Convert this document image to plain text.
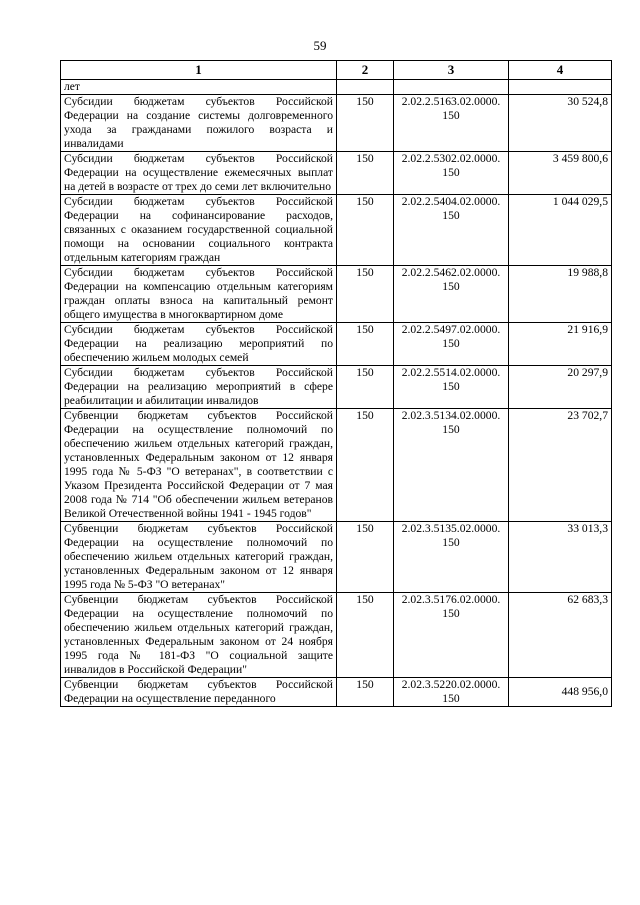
59
1	2	3	4
лет			
Субсидии бюджетам субъектов Российской Федерации на создание системы долговременного ухода за гражданами пожилого возраста и инвалидами	150	2.02.2.5163.02.0000. 150	30 524,8
Субсидии бюджетам субъектов Российской Федерации на осуществление ежемесячных выплат на детей в возрасте от трех до семи лет включительно	150	2.02.2.5302.02.0000. 150	3 459 800,6
Субсидии бюджетам субъектов Российской Федерации на софинансирование расходов, связанных с оказанием государственной социальной помощи на основании социального контракта отдельным категориям граждан	150	2.02.2.5404.02.0000. 150	1 044 029,5
Субсидии бюджетам субъектов Российской Федерации на компенсацию отдельным категориям граждан оплаты взноса на капитальный ремонт общего имущества в многоквартирном доме	150	2.02.2.5462.02.0000. 150	19 988,8
Субсидии бюджетам субъектов Российской Федерации на реализацию мероприятий по обеспечению жильем молодых семей	150	2.02.2.5497.02.0000. 150	21 916,9
Субсидии бюджетам субъектов Российской Федерации на реализацию мероприятий в сфере реабилитации и абилитации инвалидов	150	2.02.2.5514.02.0000. 150	20 297,9
Субвенции бюджетам субъектов Российской Федерации на осуществление полномочий по обеспечению жильем отдельных категорий граждан, установленных Федеральным законом от 12 января 1995 года № 5-ФЗ "О ветеранах", в соответствии с Указом Президента Российской Федерации от 7 мая 2008 года № 714 "Об обеспечении жильем ветеранов Великой Отечественной войны 1941 - 1945 годов"	150	2.02.3.5134.02.0000. 150	23 702,7
Субвенции бюджетам субъектов Российской Федерации на осуществление полномочий по обеспечению жильем отдельных категорий граждан, установленных Федеральным законом от 12 января 1995 года № 5-ФЗ "О ветеранах"	150	2.02.3.5135.02.0000. 150	33 013,3
Субвенции бюджетам субъектов Российской Федерации на осуществление полномочий по обеспечению жильем отдельных категорий граждан, установленных Федеральным законом от 24 ноября 1995 года № 181-ФЗ "О социальной защите инвалидов в Российской Федерации"	150	2.02.3.5176.02.0000. 150	62 683,3
Субвенции бюджетам субъектов Российской Федерации на осуществление переданного	150	2.02.3.5220.02.0000. 150	448 956,0
